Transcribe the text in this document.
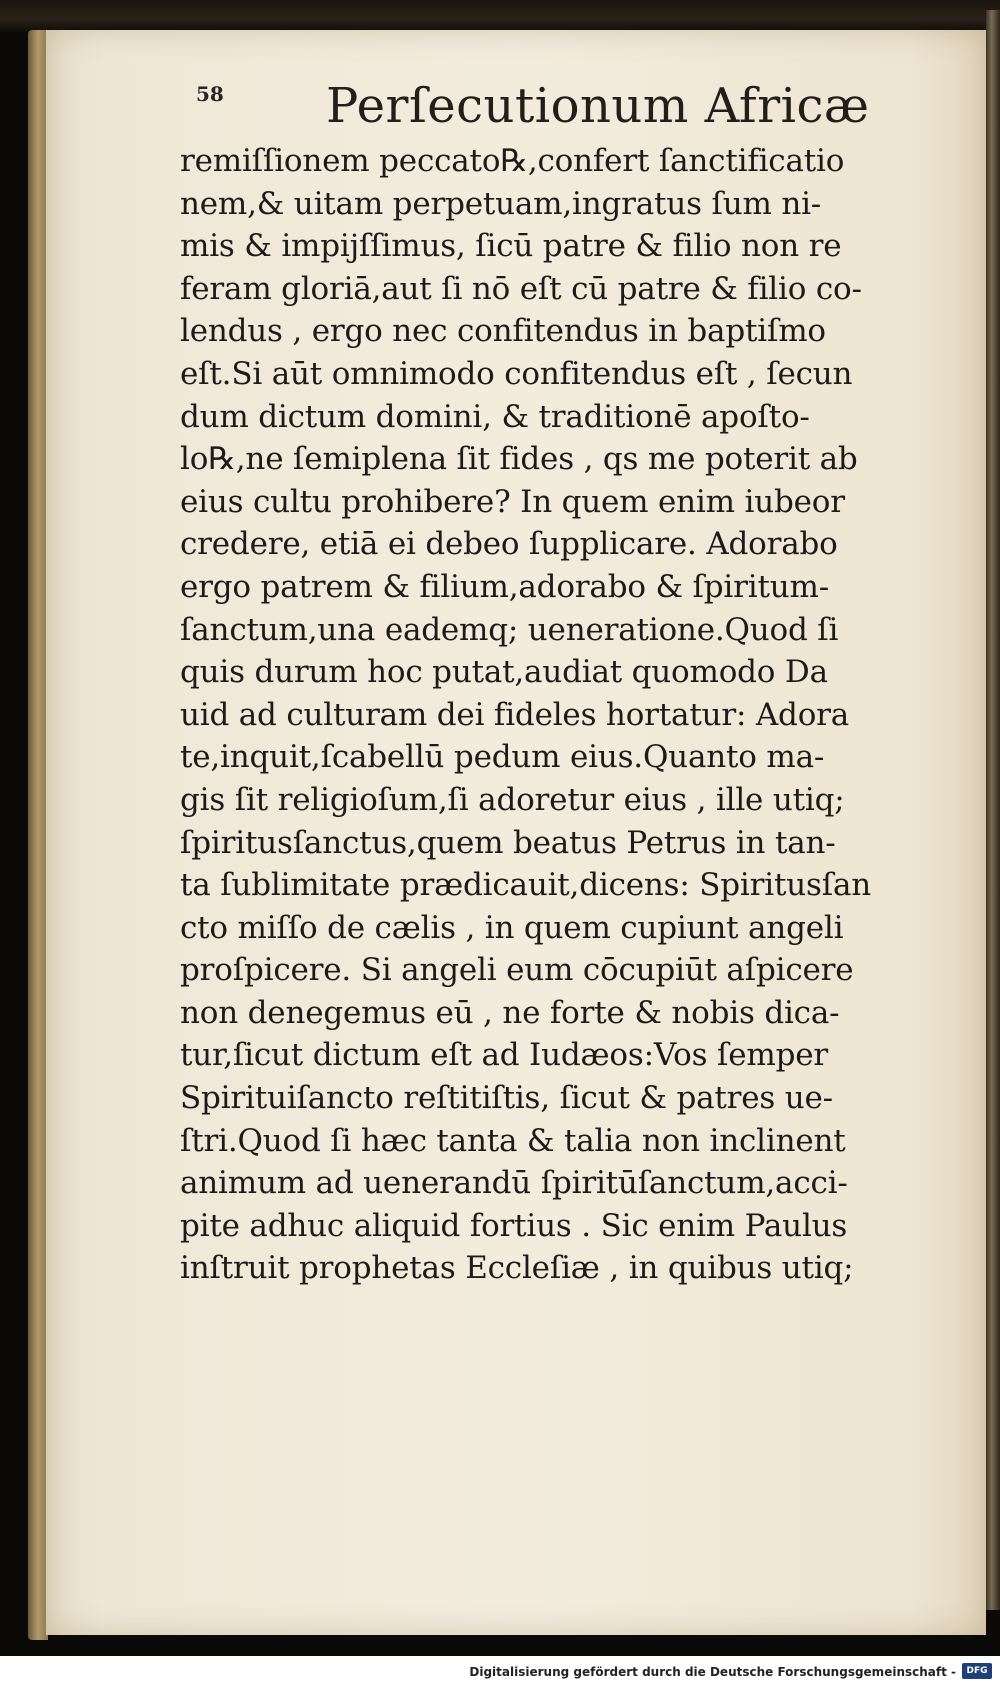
58 Perſecutionum Africæ
remiſſionem peccato℞,confert ſanctificatio
nem,& uitam perpetuam,ingratus ſum ni-
mis & impijſſimus, ſicū patre & filio non re
feram gloriā,aut ſi nō eſt cū patre & filio co-
lendus , ergo nec confitendus in baptiſmo
eſt.Si aūt omnimodo confitendus eſt , ſecun
dum dictum domini, & traditionē apoſto-
lo℞,ne ſemiplena ſit fides , qs me poterit ab
eius cultu prohibere? In quem enim iubeor
credere, etiā ei debeo ſupplicare. Adorabo
ergo patrem & filium,adorabo & ſpiritum-
ſanctum,una eademq; ueneratione.Quod ſi
quis durum hoc putat,audiat quomodo Da
uid ad culturam dei fideles hortatur: Adora
te,inquit,ſcabellū pedum eius.Quanto ma-
gis ſit religioſum,ſi adoretur eius , ille utiq;
ſpiritusſanctus,quem beatus Petrus in tan-
ta ſublimitate prædicauit,dicens: Spiritusſan
cto miſſo de cælis , in quem cupiunt angeli
proſpicere. Si angeli eum cōcupiūt aſpicere
non denegemus eū , ne forte & nobis dica-
tur,ſicut dictum eſt ad Iudæos:Vos ſemper
Spirituiſancto reſtitiſtis, ſicut & patres ue-
ſtri.Quod ſi hæc tanta & talia non inclinent
animum ad uenerandū ſpiritūſanctum,acci-
pite adhuc aliquid fortius . Sic enim Paulus
inſtruit prophetas Eccleſiæ , in quibus utiq;
Digitalisierung gefördert durch die Deutsche Forschungsgemeinschaft -	DFG
